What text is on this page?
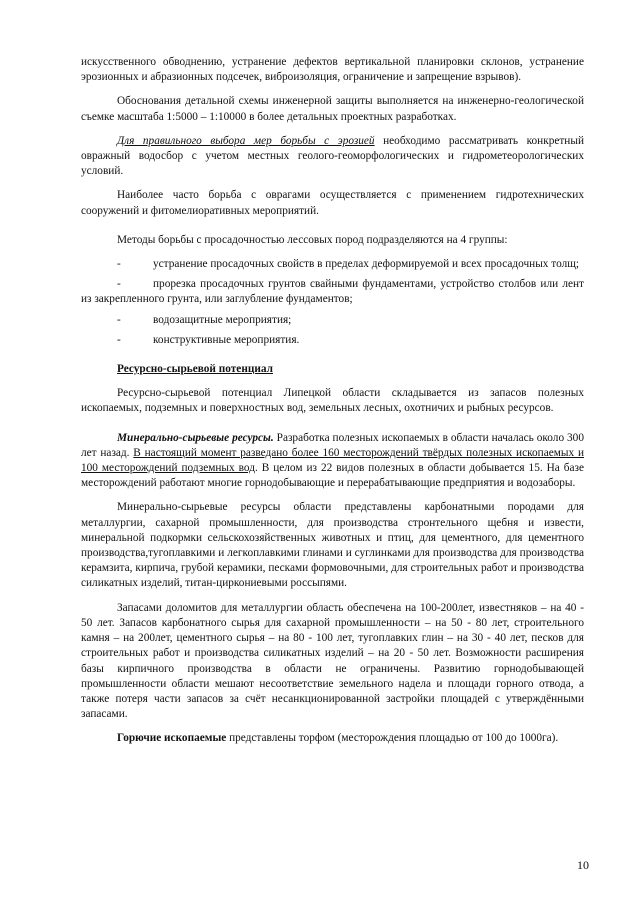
искусственного обводнению, устранение дефектов вертикальной планировки склонов, устранение эрозионных и абразионных подсечек, виброизоляция, ограничение и запрещение взрывов).

Обоснования детальной схемы инженерной защиты выполняется на инженерно-геологической съемке масштаба 1:5000 – 1:10000 в более детальных проектных разработках.

Для правильного выбора мер борьбы с эрозией необходимо рассматривать конкретный овражный водосбор с учетом местных геолого-геоморфологических и гидрометеорологических условий.

Наиболее часто борьба с оврагами осуществляется с применением гидротехнических сооружений и фитомелиоративных мероприятий.

Методы борьбы с просадочностью лессовых пород подразделяются на 4 группы:

-	устранение просадочных свойств в пределах деформируемой и всех просадочных толщ;
-	прорезка просадочных грунтов свайными фундаментами, устройство столбов или лент из закрепленного грунта, или заглубление фундаментов;
-	водозащитные мероприятия;
-	конструктивные мероприятия.
Ресурсно-сырьевой потенциал

Ресурсно-сырьевой потенциал Липецкой области складывается из запасов полезных ископаемых, подземных и поверхностных вод, земельных лесных, охотничих и рыбных ресурсов.

Минерально-сырьевые ресурсы. Разработка полезных ископаемых в области началась около 300 лет назад. В настоящий момент разведано более 160 месторождений твёрдых полезных ископаемых и 100 месторождений подземных вод. В целом из 22 видов полезных в области добывается 15. На базе месторождений работают многие горнодобывающие и перерабатывающие предприятия и водозаборы.

Минерально-сырьевые ресурсы области представлены карбонатными породами для металлургии, сахарной промышленности, для производства стронтельного щебня и извести, минеральной подкормки сельскохозяйственных животных и птиц, для цементного, для цементного производства,тугоплавкими и легкоплавкими глинами и суглинками для производства для производства керамзита, кирпича, грубой керамики, песками формовочными, для строительных работ и производства силикатных изделий, титан-циркониевыми россыпями.

Запасами доломитов для металлургии область обеспечена на 100-200лет, известняков – на 40 - 50 лет. Запасов карбонатного сырья для сахарной промышленности – на 50 - 80 лет, строительного камня – на 200лет, цементного сырья – на 80 - 100 лет, тугоплавких глин – на 30 - 40 лет, песков для строительных работ и производства силикатных изделий – на 20 - 50 лет. Возможности расширения базы кирпичного производства в области не ограничены. Развитию горнодобывающей промышленности области мешают несоответствие земельного надела и площади горного отвода, а также потеря части запасов за счёт несанкционированной застройки площадей с утверждёнными запасами.

Горючие ископаемые представлены торфом (месторождения площадью от 100 до 1000га).

10
